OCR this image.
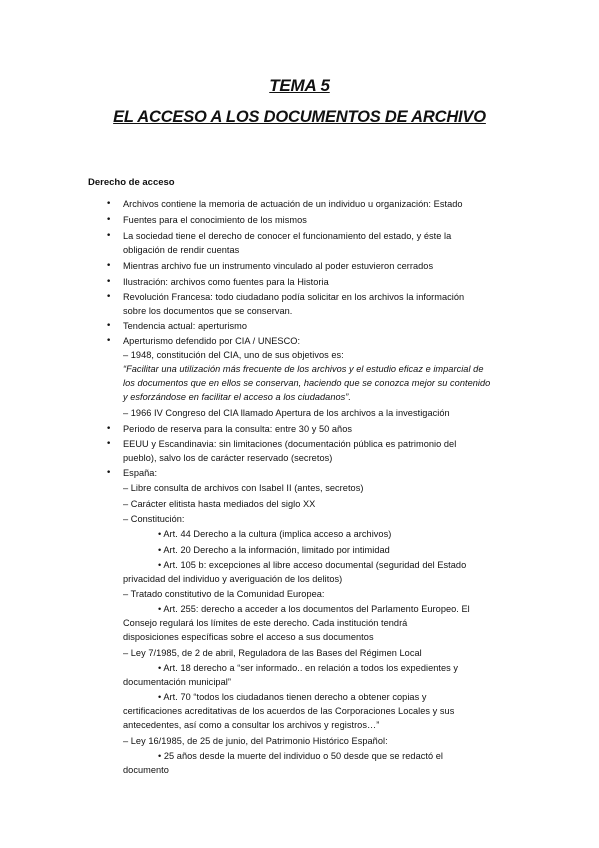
TEMA 5
EL ACCESO A LOS DOCUMENTOS DE ARCHIVO
Derecho de acceso
•
•
•
•
•
•
•
•
•
•
•
Archivos contiene la memoria de actuación de un individuo u organización: Estado
Fuentes para el conocimiento de los mismos
La sociedad tiene el derecho de conocer el funcionamiento del estado, y éste la
obligación de rendir cuentas
Mientras archivo fue un instrumento vinculado al poder estuvieron cerrados
Ilustración: archivos como fuentes para la Historia
Revolución Francesa: todo ciudadano podía solicitar en los archivos la información
sobre los documentos que se conservan.
Tendencia actual: aperturismo
Aperturismo defendido por CIA / UNESCO:
– 1948, constitución del CIA, uno de sus objetivos es:
“Facilitar una utilización más frecuente de los archivos y el estudio eficaz e imparcial de
los documentos que en ellos se conservan, haciendo que se conozca mejor su contenido
y esforzándose en facilitar el acceso a los ciudadanos”.
– 1966 IV Congreso del CIA llamado Apertura de los archivos a la investigación
Periodo de reserva para la consulta: entre 30 y 50 años
EEUU y Escandinavia: sin limitaciones (documentación pública es patrimonio del
pueblo), salvo los de carácter reservado (secretos)
España:
– Libre consulta de archivos con Isabel II (antes, secretos)
– Carácter elitista hasta mediados del siglo XX
– Constitución:
• Art. 44 Derecho a la cultura (implica acceso a archivos)
• Art. 20 Derecho a la información, limitado por intimidad
• Art. 105 b: excepciones al libre acceso documental (seguridad del Estado
privacidad del individuo y averiguación de los delitos)
– Tratado constitutivo de la Comunidad Europea:
• Art. 255: derecho a acceder a los documentos del Parlamento Europeo. El
Consejo regulará los límites de este derecho. Cada institución tendrá
disposiciones específicas sobre el acceso a sus documentos
– Ley 7/1985, de 2 de abril, Reguladora de las Bases del Régimen Local
• Art. 18 derecho a “ser informado.. en relación a todos los expedientes y
documentación municipal”
• Art. 70 “todos los ciudadanos tienen derecho a obtener copias y
certificaciones acreditativas de los acuerdos de las Corporaciones Locales y sus
antecedentes, así como a consultar los archivos y registros…”
– Ley 16/1985, de 25 de junio, del Patrimonio Histórico Español:
• 25 años desde la muerte del individuo o 50 desde que se redactó el
documento
